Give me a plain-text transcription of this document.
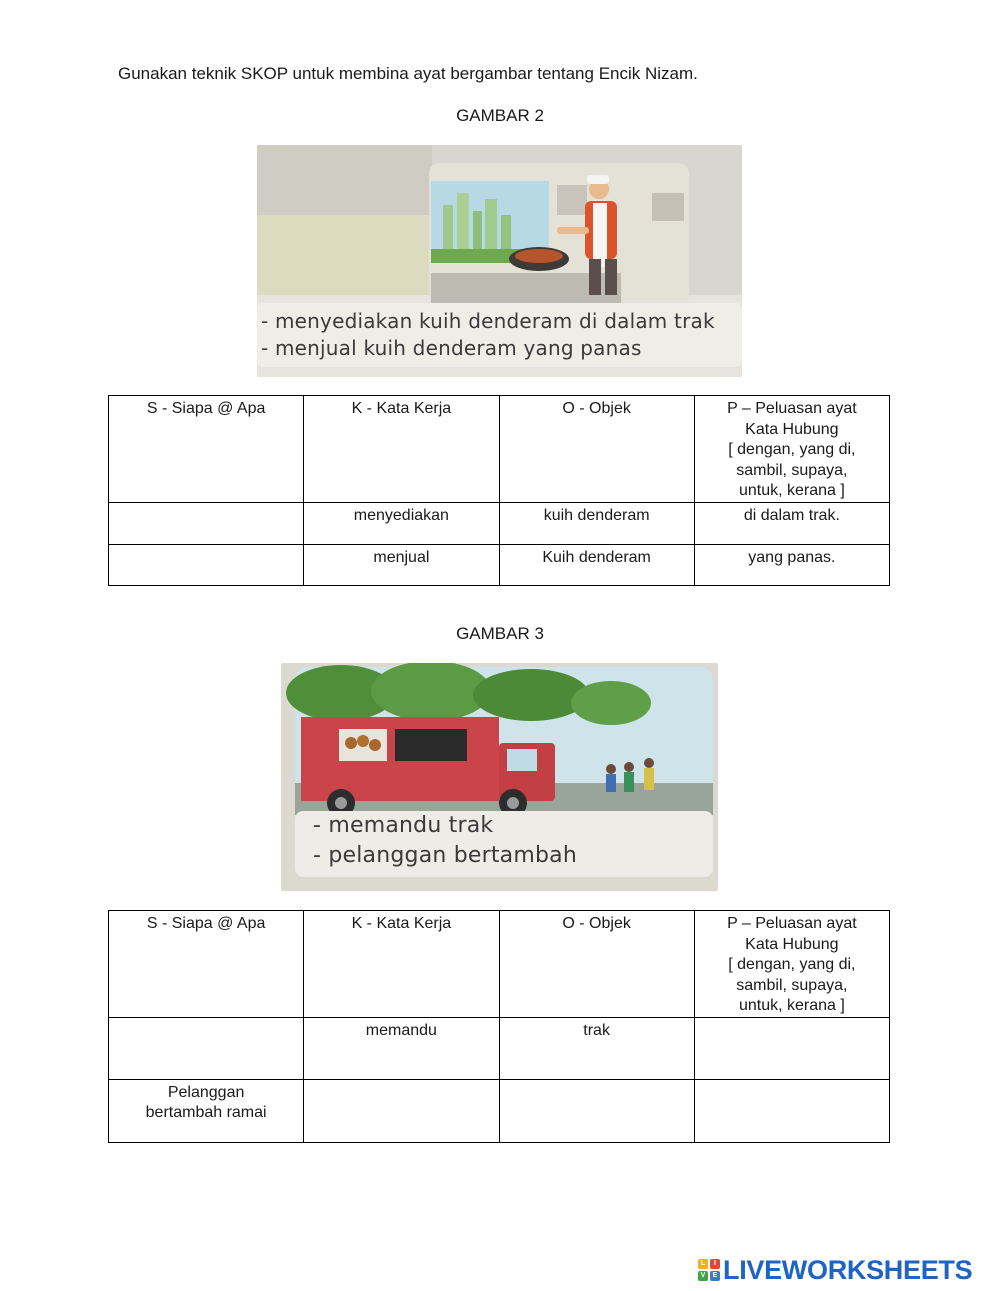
Gunakan teknik SKOP untuk membina ayat bergambar tentang Encik Nizam.
GAMBAR 2
- menyediakan kuih denderam di dalam trak
- menjual kuih denderam yang panas
S - Siapa @ Apa	K - Kata Kerja	O - Objek	P – Peluasan ayat
Kata Hubung
[ dengan, yang di,
sambil, supaya,
untuk, kerana ]

	menyediakan	kuih denderam	di dalam trak.
	menjual	Kuih denderam	yang panas.
GAMBAR 3
- memandu trak
- pelanggan bertambah
S - Siapa @ Apa	K - Kata Kerja	O - Objek	P – Peluasan ayat
Kata Hubung
[ dengan, yang di,
sambil, supaya,
untuk, kerana ]

	memandu	trak	

Pelanggan
bertambah ramai			

L	I
V	E LIVEWORKSHEETS
